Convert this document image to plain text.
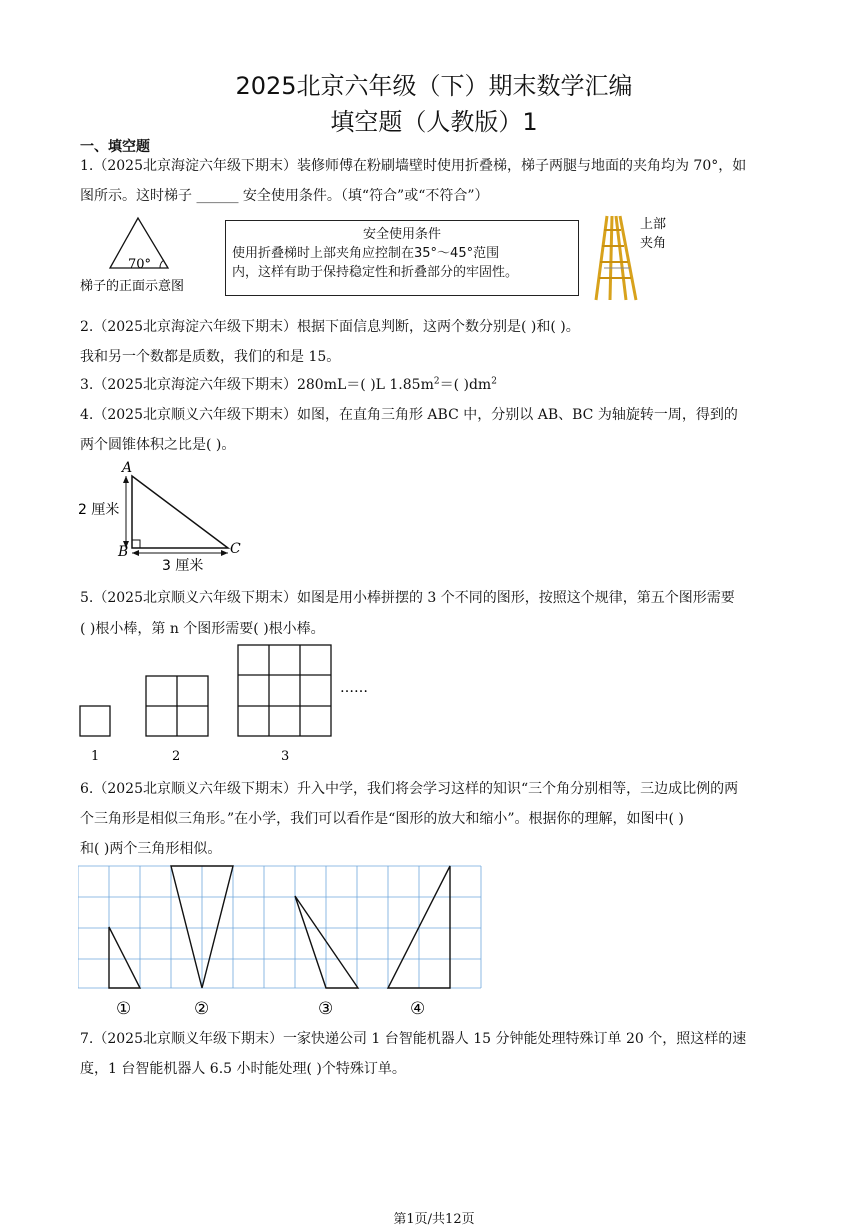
2025北京六年级（下）期末数学汇编
填空题（人教版）1
一、填空题
1.（2025北京海淀六年级下期末）装修师傅在粉刷墙壁时使用折叠梯，梯子两腿与地面的夹角均为 70°，如
图所示。这时梯子 ______ 安全使用条件。（填“符合”或“不符合”）
70°
梯子的正面示意图
安全使用条件
使用折叠梯时上部夹角应控制在35°～45°范围
内，这样有助于保持稳定性和折叠部分的牢固性。
上部
夹角
2.（2025北京海淀六年级下期末）根据下面信息判断，这两个数分别是( )和( )。
我和另一个数都是质数，我们的和是 15。
3.（2025北京海淀六年级下期末）280mL＝( )L $1.85m^2=$( )$dm^2$
4.（2025北京顺义六年级下期末）如图，在直角三角形 ABC 中，分别以 AB、BC 为轴旋转一周，得到的
两个圆锥体积之比是( )。
A
B	C
2 厘米
3 厘米
5.（2025北京顺义六年级下期末）如图是用小棒拼摆的 3 个不同的图形，按照这个规律，第五个图形需要
( )根小棒，第 n 个图形需要( )根小棒。
……
1	2	3
6.（2025北京顺义六年级下期末）升入中学，我们将会学习这样的知识“三个角分别相等，三边成比例的两
个三角形是相似三角形。”在小学，我们可以看作是“图形的放大和缩小”。根据你的理解，如图中( )
和( )两个三角形相似。
①	②	③	④
7.（2025北京顺义年级下期末）一家快递公司 1 台智能机器人 15 分钟能处理特殊订单 20 个，照这样的速
度，1 台智能机器人 6.5 小时能处理( )个特殊订单。
第1页/共12页
